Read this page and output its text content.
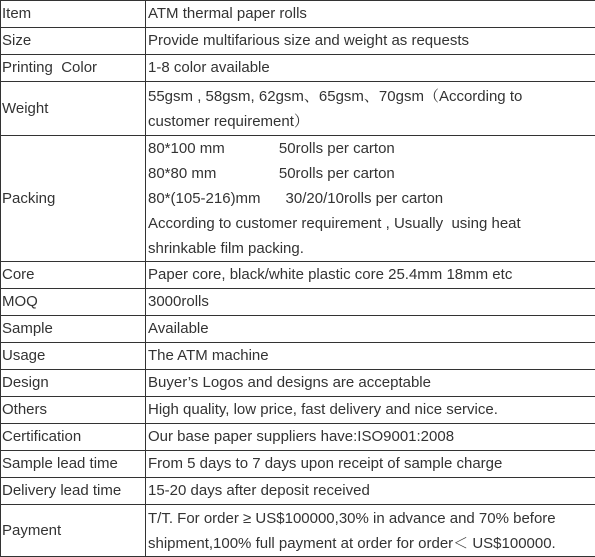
Item	ATM thermal paper rolls
Size	Provide multifarious size and weight as requests
Printing  Color	1-8 color available
Weight	55gsm , 58gsm, 62gsm、65gsm、70gsm（According to
customer requirement）

Packing	80*100 mm             50rolls per carton
80*80 mm               50rolls per carton
80*(105-216)mm      30/20/10rolls per carton
According to customer requirement , Usually  using heat
shrinkable film packing.

Core	Paper core, black/white plastic core 25.4mm 18mm etc
MOQ	3000rolls
Sample	Available
Usage	The ATM machine
Design	Buyer’s Logos and designs are acceptable
Others	High quality, low price, fast delivery and nice service.
Certification	Our base paper suppliers have:ISO9001:2008
Sample lead time	From 5 days to 7 days upon receipt of sample charge
Delivery lead time	15-20 days after deposit received
Payment	T/T. For order ≥ US$100000,30% in advance and 70% before
shipment,100% full payment at order for order＜ US$100000.
